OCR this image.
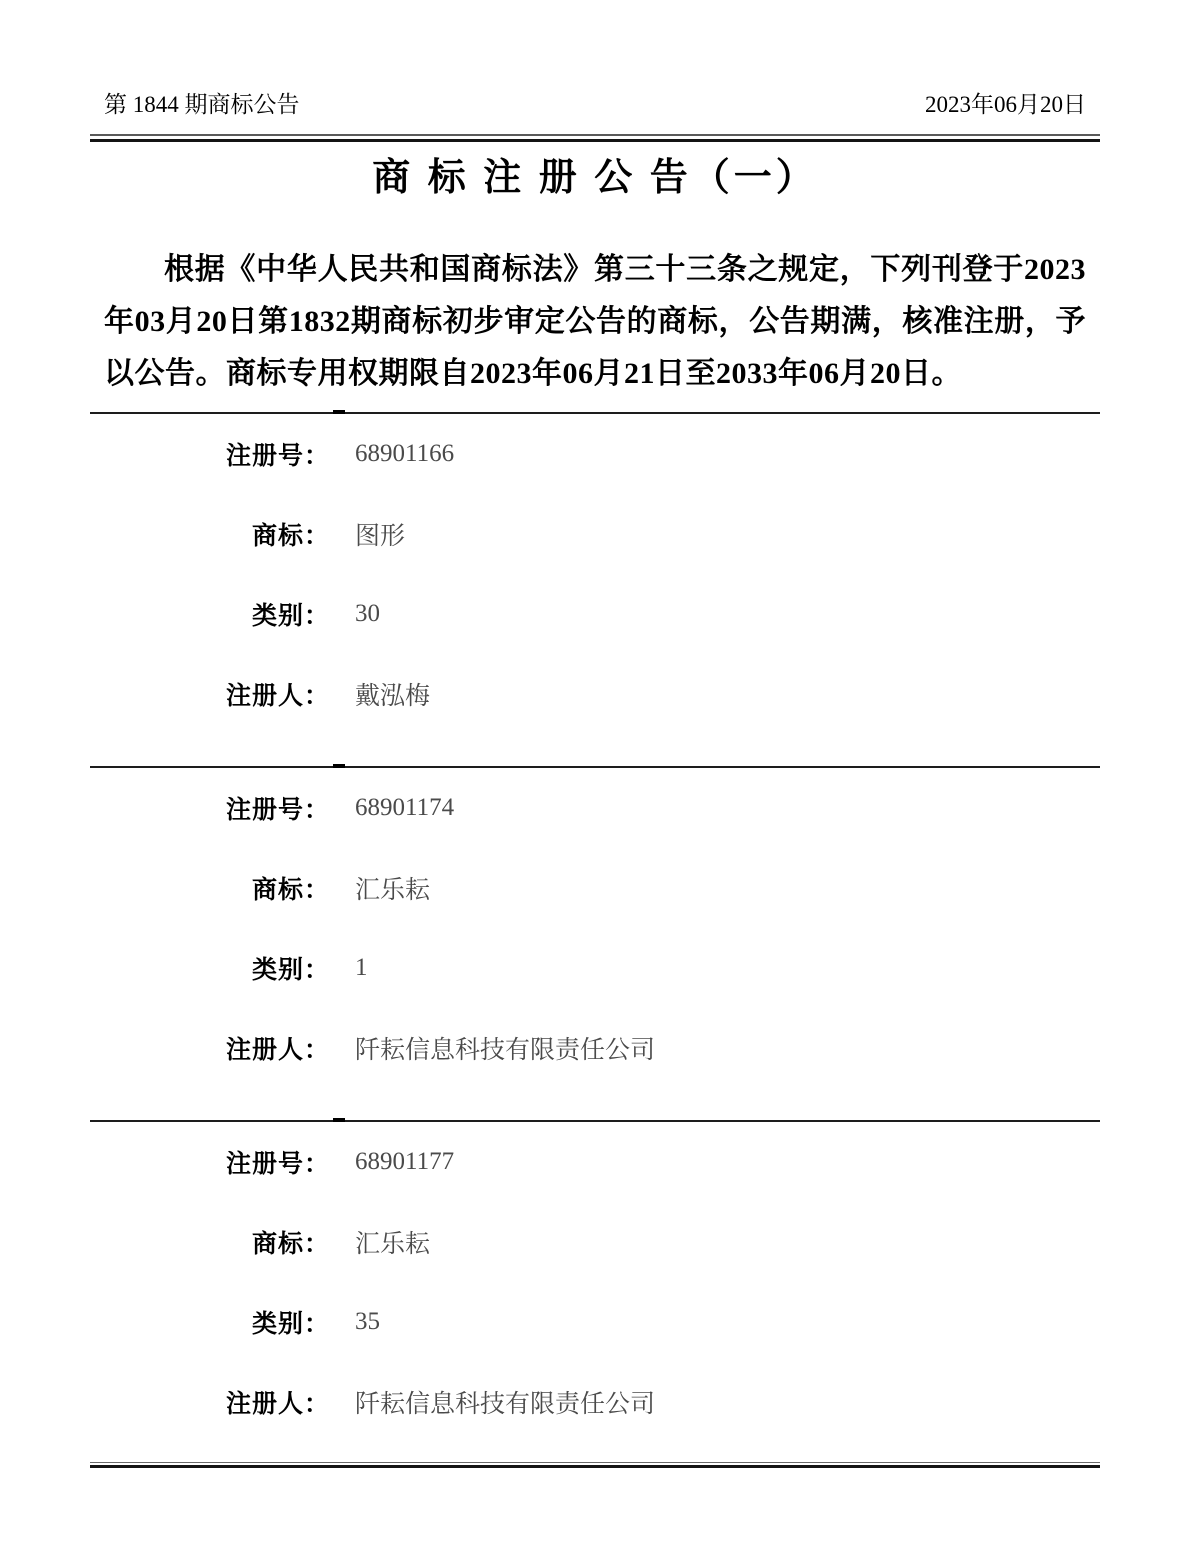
第 1844 期商标公告	2023年06月20日
商 标 注 册 公 告（一）

根据《中华人民共和国商标法》第三十三条之规定，下列刊登于2023年03月20日第1832期商标初步审定公告的商标，公告期满，核准注册，予以公告。商标专用权期限自2023年06月21日至2033年06月20日。

注册号： 68901166
商标： 图形
类别： 30
注册人： 戴泓梅
注册号： 68901174
商标： 汇乐耘
类别： 1
注册人： 阡耘信息科技有限责任公司
注册号： 68901177
商标： 汇乐耘
类别： 35
注册人： 阡耘信息科技有限责任公司
